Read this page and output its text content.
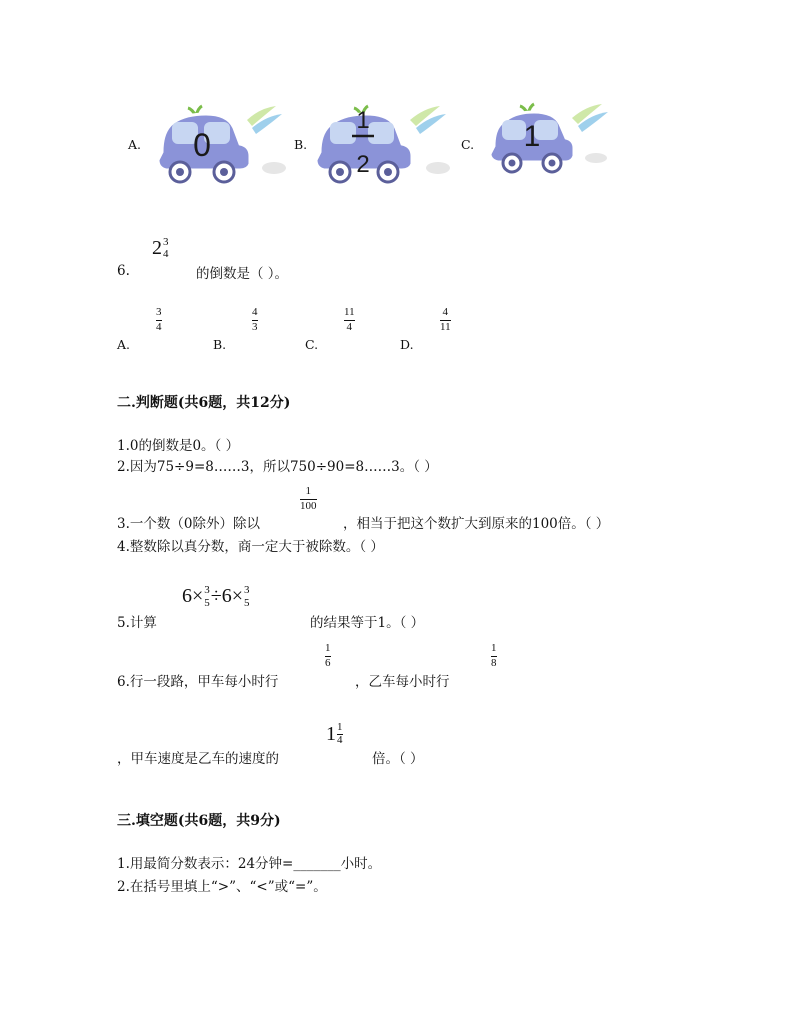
A. 0	B.
1
2
C. 1
2 3
4
6.	的倒数是（ ）。
A.
3
4
B.
4
3
C.
11
4
D.
4
11
二.判断题(共6题，共12分)
1.0的倒数是0。（ ）
2.因为75÷9=8……3，所以750÷90=8……3。（ ）
3.一个数（0除外）除以
1
100
，相当于把这个数扩大到原来的100倍。（ ）
4.整数除以真分数，商一定大于被除数。（ ）
5.计算
6× 3
5 ÷6× 3
5
的结果等于1。（ ）
6.行一段路，甲车每小时行
1
6
，乙车每小时行
1
8
，甲车速度是乙车的速度的
1 1
4
倍。（ ）
三.填空题(共6题，共9分)
1.用最简分数表示：24分钟=_______小时。
2.在括号里填上“>”、“<”或“=”。
